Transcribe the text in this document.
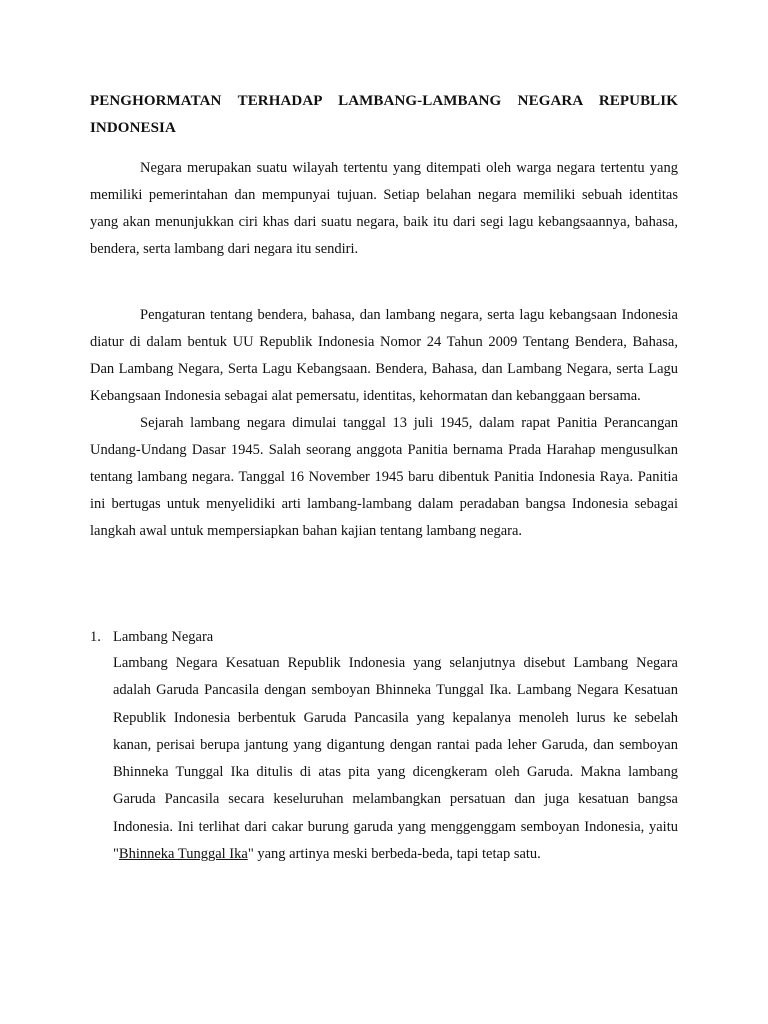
PENGHORMATAN TERHADAP LAMBANG-LAMBANG NEGARA REPUBLIK INDONESIA

Negara merupakan suatu wilayah tertentu yang ditempati oleh warga negara tertentu yang memiliki pemerintahan dan mempunyai tujuan. Setiap belahan negara memiliki sebuah identitas yang akan menunjukkan ciri khas dari suatu negara, baik itu dari segi lagu kebangsaannya, bahasa, bendera, serta lambang dari negara itu sendiri.

Pengaturan tentang bendera, bahasa, dan lambang negara, serta lagu kebangsaan Indonesia diatur di dalam bentuk UU Republik Indonesia Nomor 24 Tahun 2009 Tentang Bendera, Bahasa, Dan Lambang Negara, Serta Lagu Kebangsaan. Bendera, Bahasa, dan Lambang Negara, serta Lagu Kebangsaan Indonesia sebagai alat pemersatu, identitas, kehormatan dan kebanggaan bersama.

Sejarah lambang negara dimulai tanggal 13 juli 1945, dalam rapat Panitia Perancangan Undang-Undang Dasar 1945. Salah seorang anggota Panitia bernama Prada Harahap mengusulkan tentang lambang negara. Tanggal 16 November 1945 baru dibentuk Panitia Indonesia Raya. Panitia ini bertugas untuk menyelidiki arti lambang-lambang dalam peradaban bangsa Indonesia sebagai langkah awal untuk mempersiapkan bahan kajian tentang lambang negara.

1. Lambang Negara

Lambang Negara Kesatuan Republik Indonesia yang selanjutnya disebut Lambang Negara adalah Garuda Pancasila dengan semboyan Bhinneka Tunggal Ika. Lambang Negara Kesatuan Republik Indonesia berbentuk Garuda Pancasila yang kepalanya menoleh lurus ke sebelah kanan, perisai berupa jantung yang digantung dengan rantai pada leher Garuda, dan semboyan Bhinneka Tunggal Ika ditulis di atas pita yang dicengkeram oleh Garuda. Makna lambang Garuda Pancasila secara keseluruhan melambangkan persatuan dan juga kesatuan bangsa Indonesia. Ini terlihat dari cakar burung garuda yang menggenggam semboyan Indonesia, yaitu "Bhinneka Tunggal Ika" yang artinya meski berbeda-beda, tapi tetap satu.
